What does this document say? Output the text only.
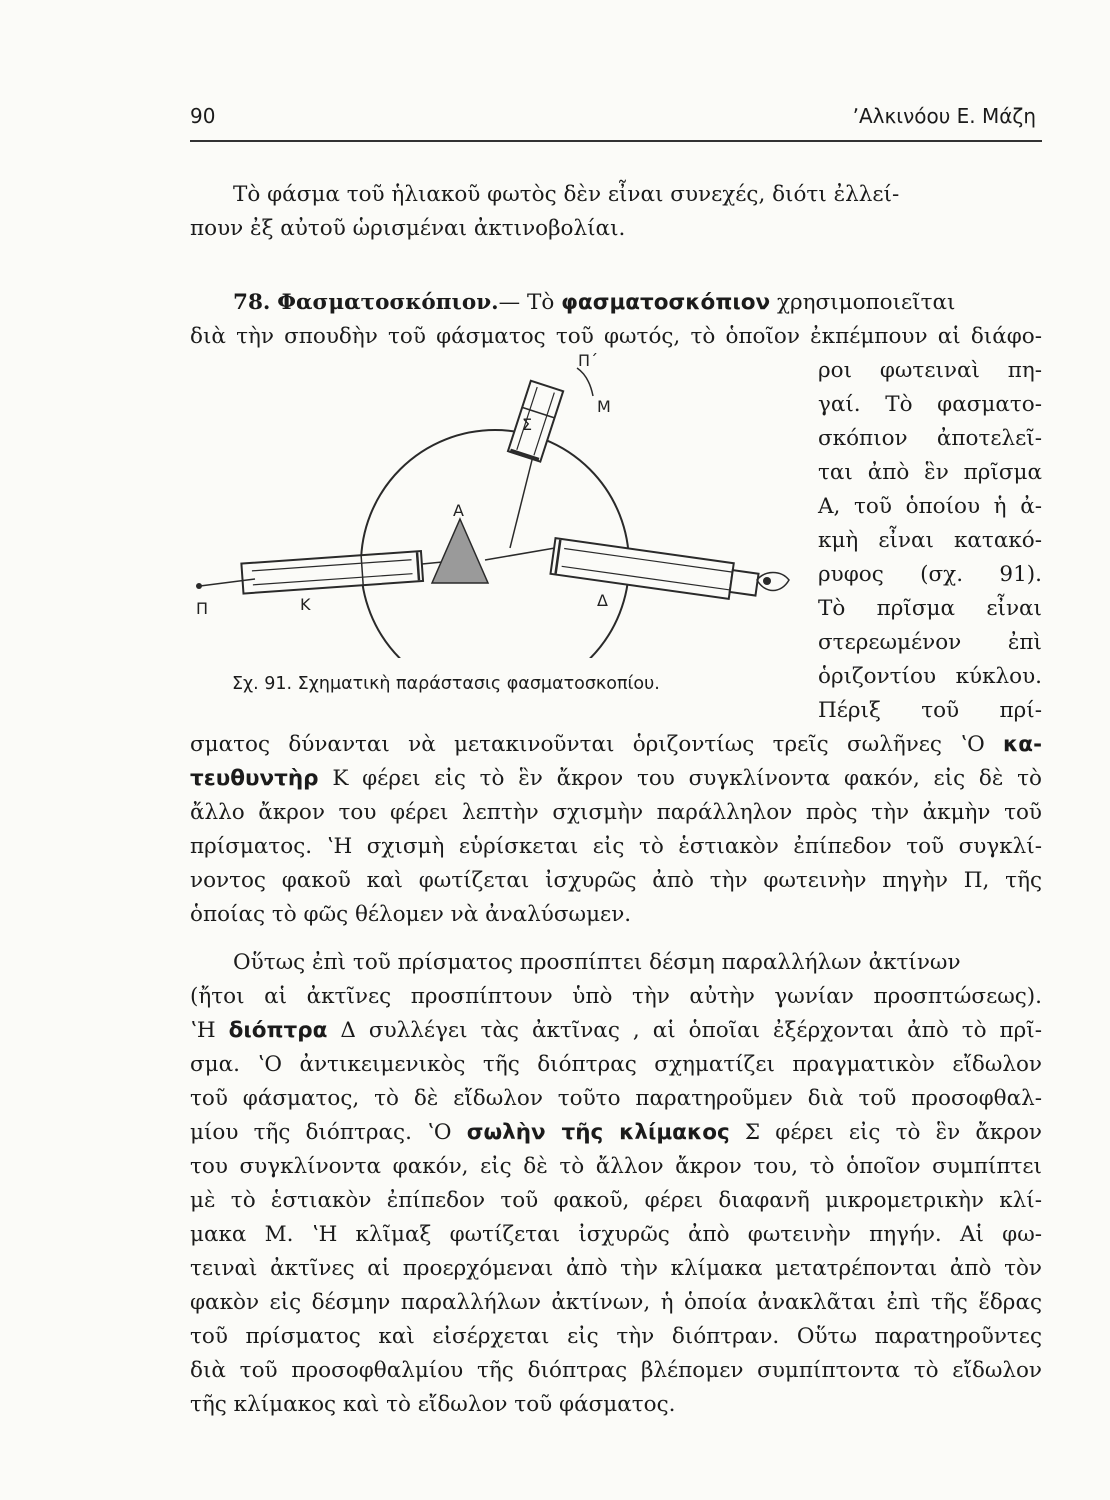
90	ʼΑλκινόου Ε. Μάζη
Τὸ φάσμα τοῦ ἡλιακοῦ φωτὸς δὲν εἶναι συνεχές, διότι ἐλλεί-
πουν ἐξ αὐτοῦ ὡρισμέναι ἀκτινοβολίαι.
78. Φασματοσκόπιον.— Τὸ φασματοσκόπιον χρησιμοποιεῖται
διὰ τὴν σπουδὴν τοῦ φάσματος τοῦ φωτός, τὸ ὁποῖον ἐκπέμπουν αἱ διάφο-
ροι φωτειναὶ πη-
γαί. Τὸ φασματο-
σκόπιον ἀποτελεῖ-
ται ἀπὸ ἓν πρῖσμα
Α, τοῦ ὁποίου ἡ ἀ-
κμὴ εἶναι κατακό-
ρυφος (σχ. 91).
Τὸ πρῖσμα εἶναι
στερεωμένον ἐπὶ
ὁριζοντίου κύκλου.
Πέριξ τοῦ πρί-
Π
Π΄
Σ
Μ
Α
Κ	Δ
Σχ. 91. Σχηματικὴ παράστασις φασματοσκοπίου.
σματος δύνανται νὰ μετακινοῦνται ὁριζοντίως τρεῖς σωλῆνες ʽΟ κα-
τευθυντὴρ Κ φέρει εἰς τὸ ἓν ἄκρον του συγκλίνοντα φακόν, εἰς δὲ τὸ
ἄλλο ἄκρον του φέρει λεπτὴν σχισμὴν παράλληλον πρὸς τὴν ἀκμὴν τοῦ
πρίσματος. ʽΗ σχισμὴ εὑρίσκεται εἰς τὸ ἑστιακὸν ἐπίπεδον τοῦ συγκλί-
νοντος φακοῦ καὶ φωτίζεται ἰσχυρῶς ἀπὸ τὴν φωτεινὴν πηγὴν Π, τῆς
ὁποίας τὸ φῶς θέλομεν νὰ ἀναλύσωμεν.
Οὕτως ἐπὶ τοῦ πρίσματος προσπίπτει δέσμη παραλλήλων ἀκτίνων
(ἤτοι αἱ ἀκτῖνες προσπίπτουν ὑπὸ τὴν αὐτὴν γωνίαν προσπτώσεως).
ʽΗ διόπτρα Δ συλλέγει τὰς ἀκτῖνας , αἱ ὁποῖαι ἐξέρχονται ἀπὸ τὸ πρῖ-
σμα. ʽΟ ἀντικειμενικὸς τῆς διόπτρας σχηματίζει πραγματικὸν εἴδωλον
τοῦ φάσματος, τὸ δὲ εἴδωλον τοῦτο παρατηροῦμεν διὰ τοῦ προσοφθαλ-
μίου τῆς διόπτρας. ʽΟ σωλὴν τῆς κλίμακος Σ φέρει εἰς τὸ ἓν ἄκρον
του συγκλίνοντα φακόν, εἰς δὲ τὸ ἄλλον ἄκρον του, τὸ ὁποῖον συμπίπτει
μὲ τὸ ἑστιακὸν ἐπίπεδον τοῦ φακοῦ, φέρει διαφανῆ μικρομετρικὴν κλί-
μακα Μ. ʽΗ κλῖμαξ φωτίζεται ἰσχυρῶς ἀπὸ φωτεινὴν πηγήν. Αἱ φω-
τειναὶ ἀκτῖνες αἱ προερχόμεναι ἀπὸ τὴν κλίμακα μετατρέπονται ἀπὸ τὸν
φακὸν εἰς δέσμην παραλλήλων ἀκτίνων, ἡ ὁποία ἀνακλᾶται ἐπὶ τῆς ἕδρας
τοῦ πρίσματος καὶ εἰσέρχεται εἰς τὴν διόπτραν. Οὕτω παρατηροῦντες
διὰ τοῦ προσοφθαλμίου τῆς διόπτρας βλέπομεν συμπίπτοντα τὸ εἴδωλον
τῆς κλίμακος καὶ τὸ εἴδωλον τοῦ φάσματος.
